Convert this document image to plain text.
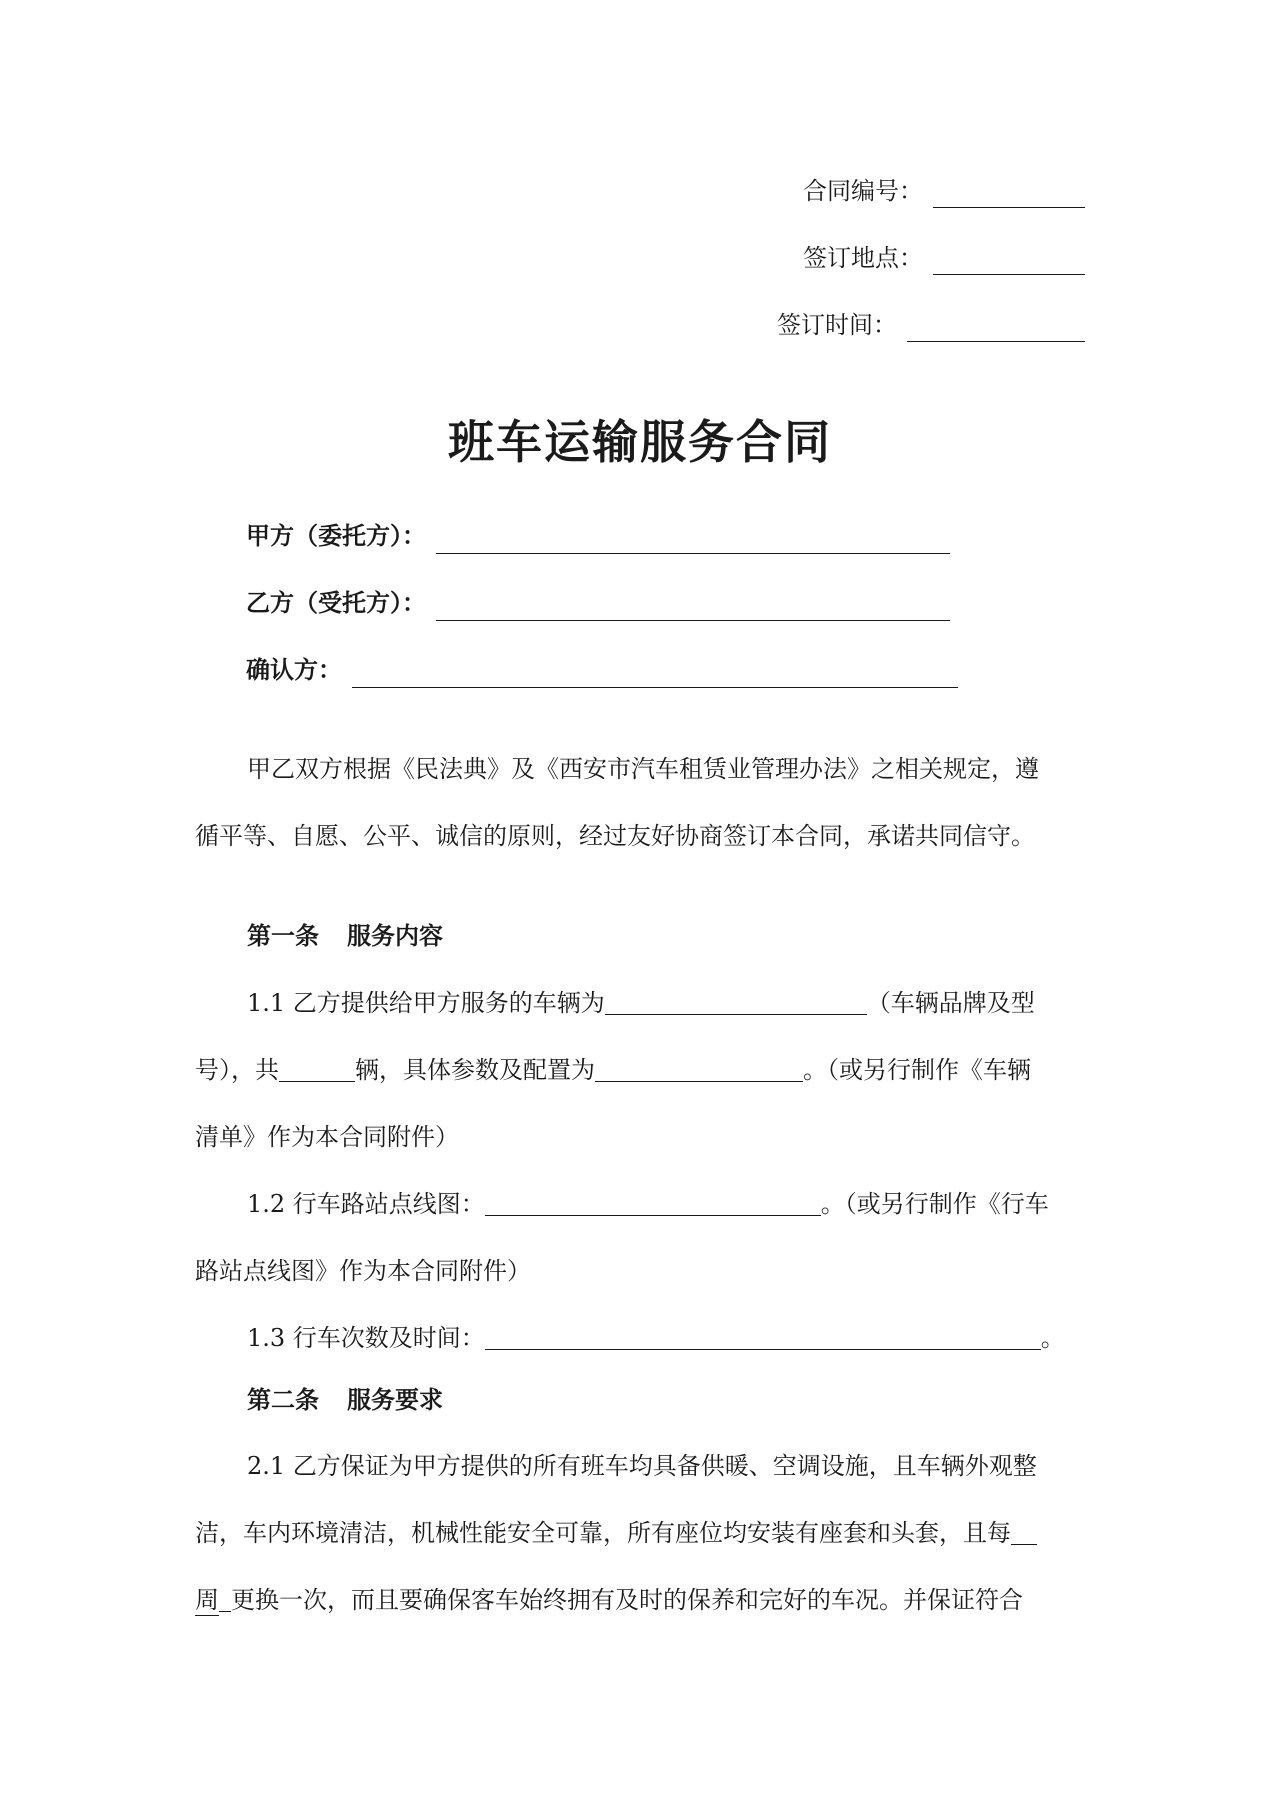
合同编号：
签订地点：
签订时间：
班车运输服务合同
甲方（委托方）：
乙方（受托方）：
确认方：
甲乙双方根据《民法典》及《西安市汽车租赁业管理办法》之相关规定，遵
循平等、自愿、公平、诚信的原则，经过友好协商签订本合同，承诺共同信守。
第一条 服务内容
1.1 乙方提供给甲方服务的车辆为	（车辆品牌及型
号），共	辆，具体参数及配置为	。（或另行制作《车辆
清单》作为本合同附件）
1.2 行车路站点线图：	。（或另行制作《行车
路站点线图》作为本合同附件）
1.3 行车次数及时间：	。
第二条 服务要求
2.1 乙方保证为甲方提供的所有班车均具备供暖、空调设施，且车辆外观整
洁，车内环境清洁，机械性能安全可靠，所有座位均安装有座套和头套，且每
周 更换一次，而且要确保客车始终拥有及时的保养和完好的车况。并保证符合
